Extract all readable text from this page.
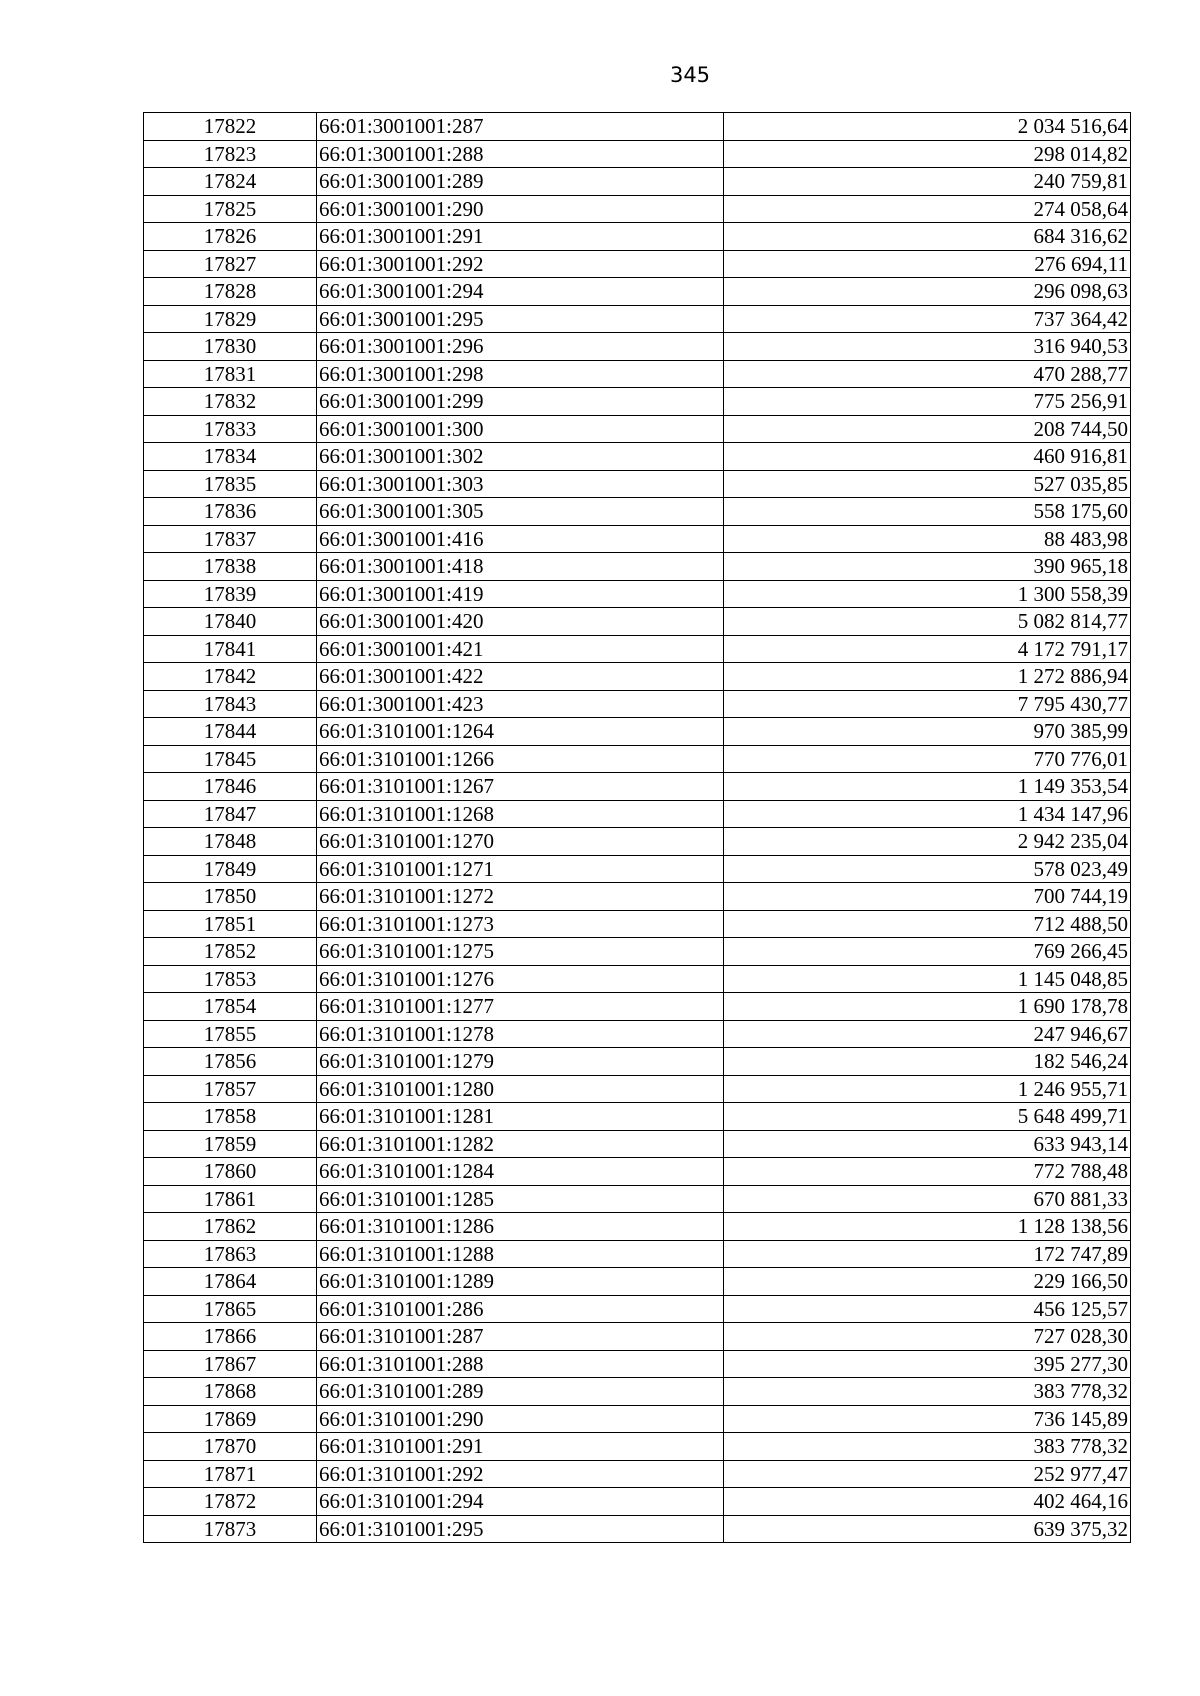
345
17822	66:01:3001001:287	2 034 516,64
17823	66:01:3001001:288	298 014,82
17824	66:01:3001001:289	240 759,81
17825	66:01:3001001:290	274 058,64
17826	66:01:3001001:291	684 316,62
17827	66:01:3001001:292	276 694,11
17828	66:01:3001001:294	296 098,63
17829	66:01:3001001:295	737 364,42
17830	66:01:3001001:296	316 940,53
17831	66:01:3001001:298	470 288,77
17832	66:01:3001001:299	775 256,91
17833	66:01:3001001:300	208 744,50
17834	66:01:3001001:302	460 916,81
17835	66:01:3001001:303	527 035,85
17836	66:01:3001001:305	558 175,60
17837	66:01:3001001:416	88 483,98
17838	66:01:3001001:418	390 965,18
17839	66:01:3001001:419	1 300 558,39
17840	66:01:3001001:420	5 082 814,77
17841	66:01:3001001:421	4 172 791,17
17842	66:01:3001001:422	1 272 886,94
17843	66:01:3001001:423	7 795 430,77
17844	66:01:3101001:1264	970 385,99
17845	66:01:3101001:1266	770 776,01
17846	66:01:3101001:1267	1 149 353,54
17847	66:01:3101001:1268	1 434 147,96
17848	66:01:3101001:1270	2 942 235,04
17849	66:01:3101001:1271	578 023,49
17850	66:01:3101001:1272	700 744,19
17851	66:01:3101001:1273	712 488,50
17852	66:01:3101001:1275	769 266,45
17853	66:01:3101001:1276	1 145 048,85
17854	66:01:3101001:1277	1 690 178,78
17855	66:01:3101001:1278	247 946,67
17856	66:01:3101001:1279	182 546,24
17857	66:01:3101001:1280	1 246 955,71
17858	66:01:3101001:1281	5 648 499,71
17859	66:01:3101001:1282	633 943,14
17860	66:01:3101001:1284	772 788,48
17861	66:01:3101001:1285	670 881,33
17862	66:01:3101001:1286	1 128 138,56
17863	66:01:3101001:1288	172 747,89
17864	66:01:3101001:1289	229 166,50
17865	66:01:3101001:286	456 125,57
17866	66:01:3101001:287	727 028,30
17867	66:01:3101001:288	395 277,30
17868	66:01:3101001:289	383 778,32
17869	66:01:3101001:290	736 145,89
17870	66:01:3101001:291	383 778,32
17871	66:01:3101001:292	252 977,47
17872	66:01:3101001:294	402 464,16
17873	66:01:3101001:295	639 375,32
